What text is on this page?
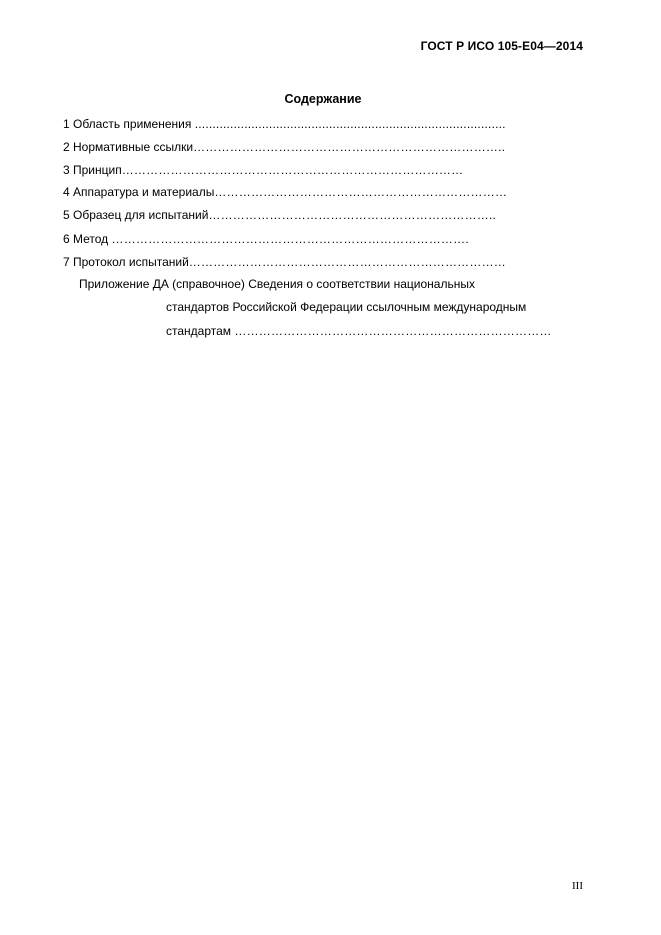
ГОСТ Р ИСО 105-Е04—2014
Содержание
1 Область применения ........................................................................................
2 Нормативные ссылки…………………………………………………………………..
3 Принцип…………………………………………………………………………
4 Аппаратура и материалы………………………………………………………………
5 Образец для испытаний……………………………………………………………..
6 Метод …………………………………………………………………………….
7 Протокол испытаний……………………………………………………………………
Приложение ДА (справочное) Сведения о соответствии национальных
стандартов Российской Федерации ссылочным международным
стандартам ……………………………………………………………………
III
